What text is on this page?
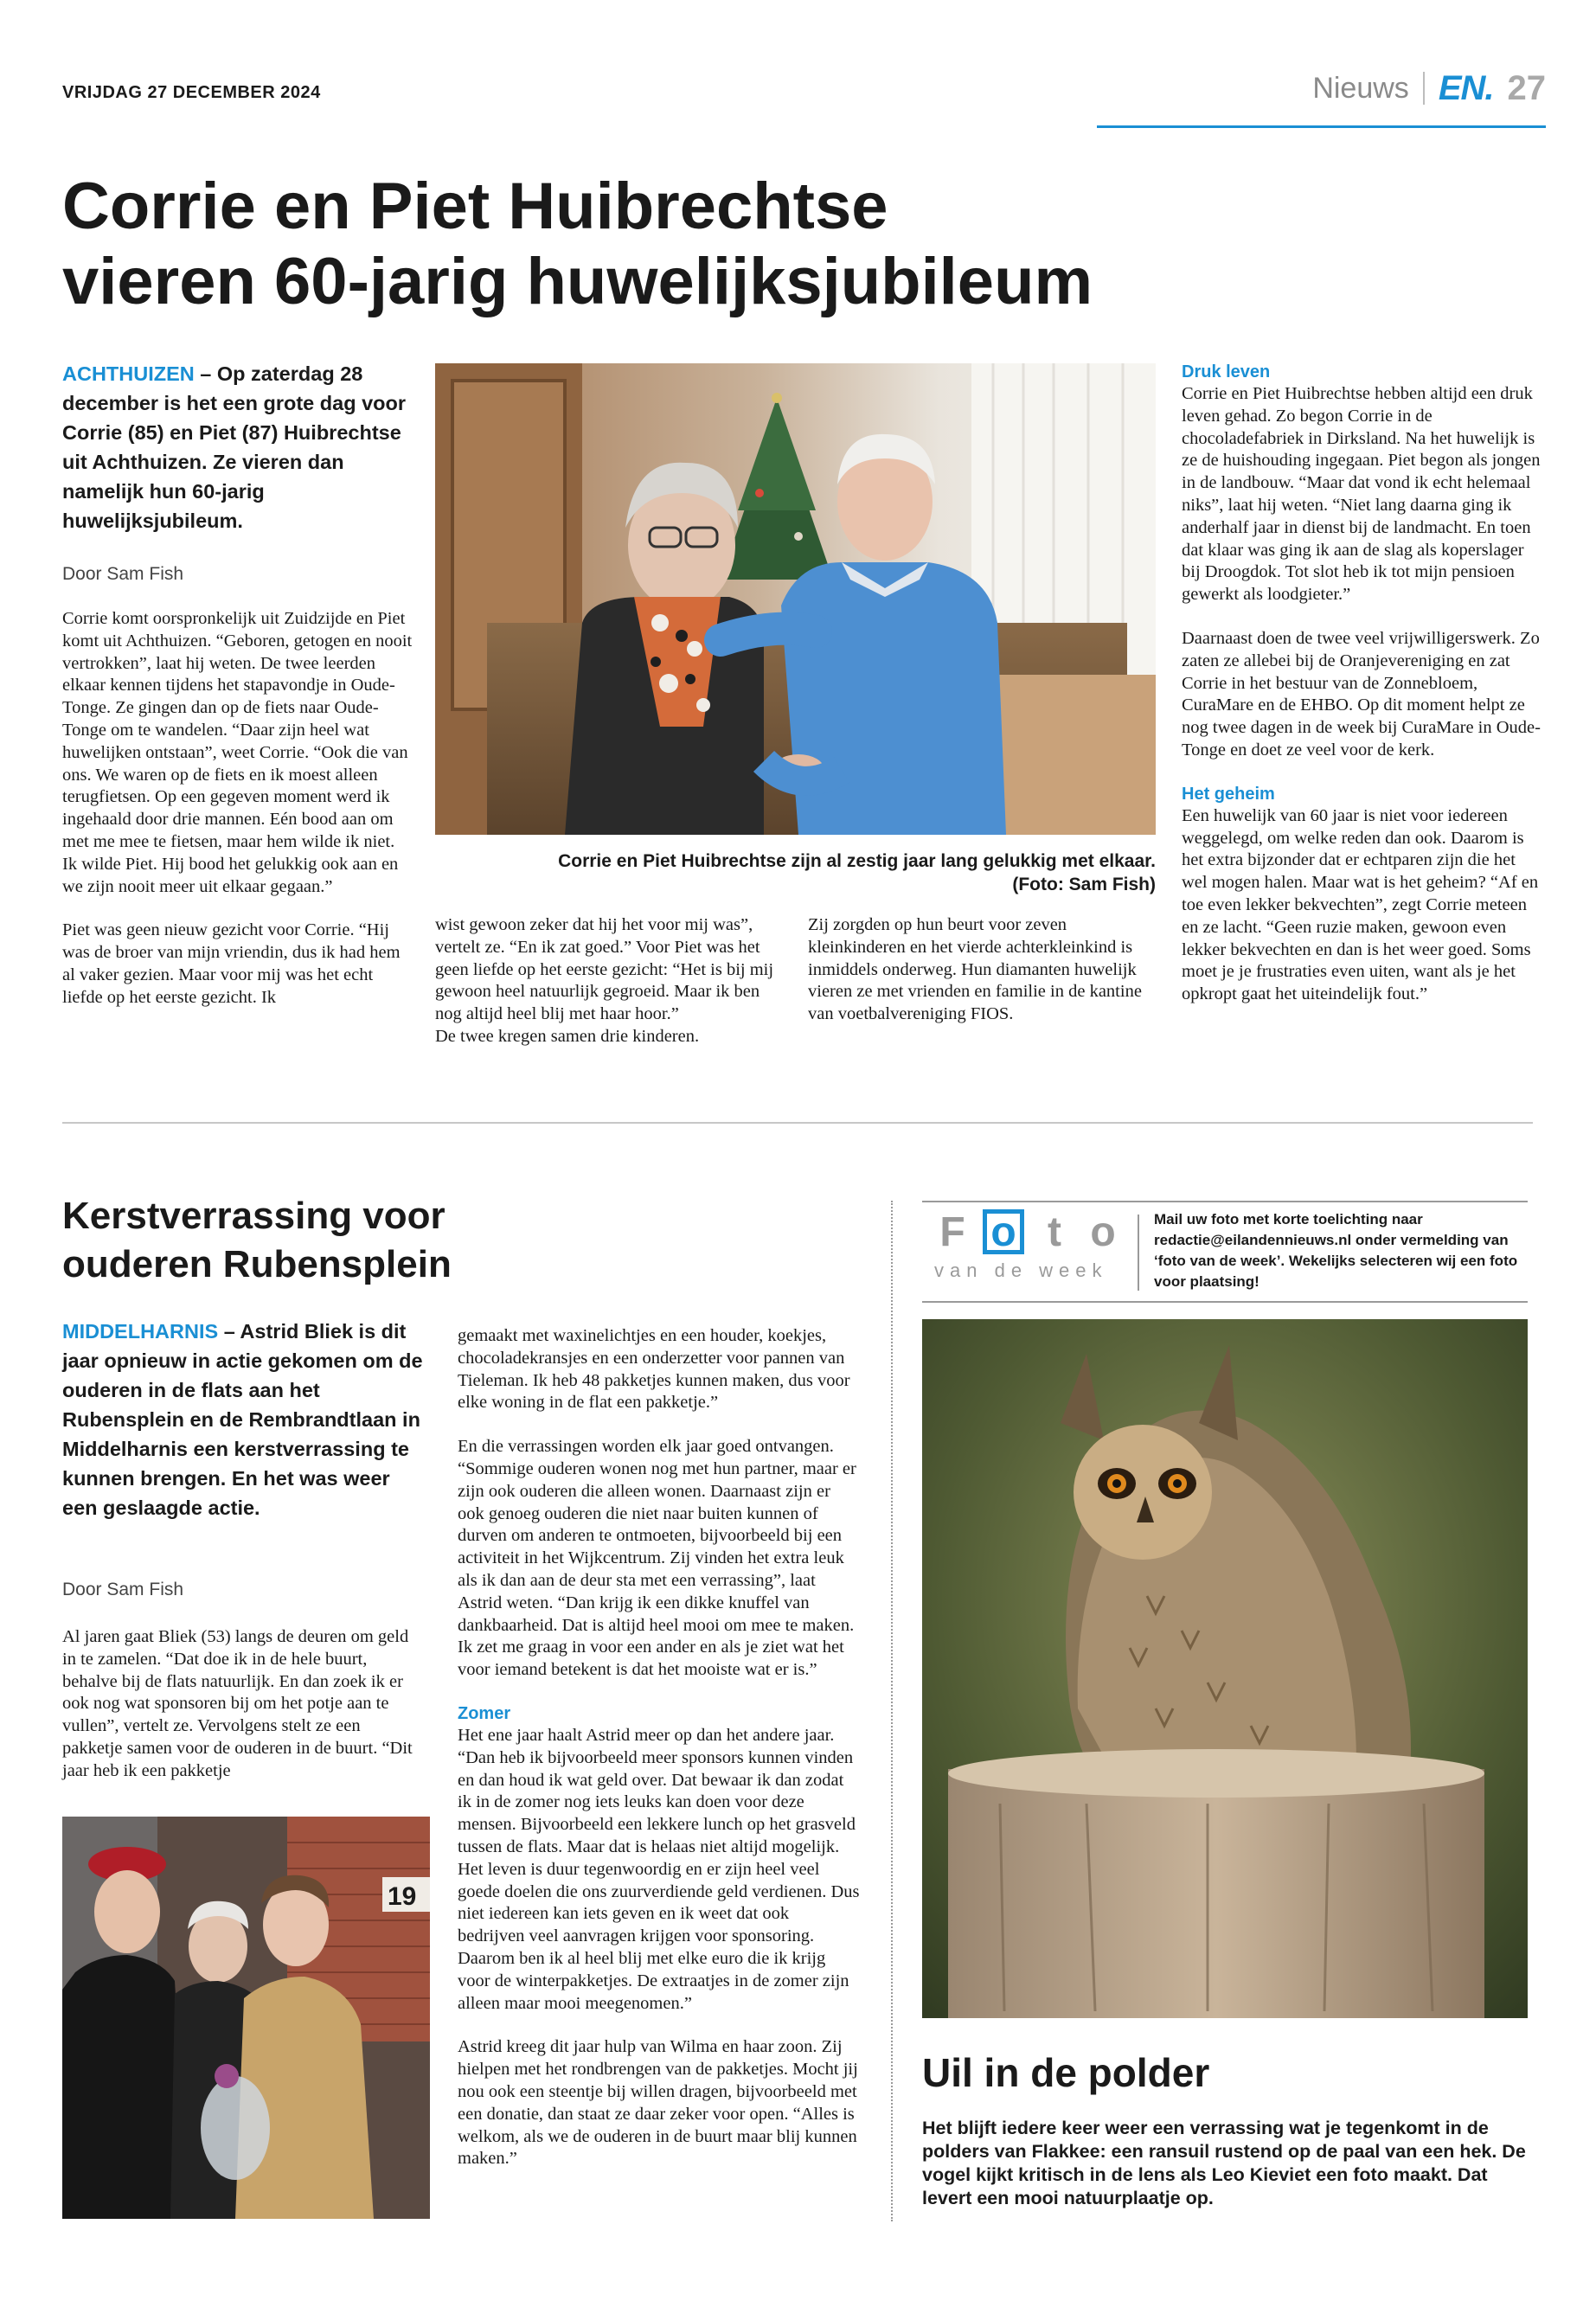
VRIJDAG 27 DECEMBER 2024	Nieuws EN. 27
Corrie en Piet Huibrechtse
vieren 60-jarig huwelijksjubileum
ACHTHUIZEN – Op zaterdag 28 december is het een grote dag voor Corrie (85) en Piet (87) Huibrechtse uit Achthuizen. Ze vieren dan namelijk hun 60-jarig huwelijksjubileum.
Door Sam Fish

Corrie komt oorspronkelijk uit Zuidzijde en Piet komt uit Achthuizen. “Geboren, getogen en nooit vertrokken”, laat hij weten. De twee leerden elkaar kennen tijdens het stapavondje in Oude-Tonge. Ze gingen dan op de fiets naar Oude-Tonge om te wandelen. “Daar zijn heel wat huwelijken ontstaan”, weet Corrie. “Ook die van ons. We waren op de fiets en ik moest alleen terugfietsen. Op een gegeven moment werd ik ingehaald door drie mannen. Eén bood aan om met me mee te fietsen, maar hem wilde ik niet. Ik wilde Piet. Hij bood het gelukkig ook aan en we zijn nooit meer uit elkaar gegaan.”

Piet was geen nieuw gezicht voor Corrie. “Hij was de broer van mijn vriendin, dus ik had hem al vaker gezien. Maar voor mij was het echt liefde op het eerste gezicht. Ik

Corrie en Piet Huibrechtse zijn al zestig jaar lang gelukkig met elkaar.
(Foto: Sam Fish)
wist gewoon zeker dat hij het voor mij was”, vertelt ze. “En ik zat goed.” Voor Piet was het geen liefde op het eerste gezicht: “Het is bij mij gewoon heel natuurlijk gegroeid. Maar ik ben nog altijd heel blij met haar hoor.”
De twee kregen samen drie kinderen.
Zij zorgden op hun beurt voor zeven kleinkinderen en het vierde achterkleinkind is inmiddels onderweg. Hun diamanten huwelijk vieren ze met vrienden en familie in de kantine van voetbalvereniging FIOS.
Druk leven

Corrie en Piet Huibrechtse hebben altijd een druk leven gehad. Zo begon Corrie in de chocoladefabriek in Dirksland. Na het huwelijk is ze de huishouding ingegaan. Piet begon als jongen in de landbouw. “Maar dat vond ik echt helemaal niks”, laat hij weten. “Niet lang daarna ging ik anderhalf jaar in dienst bij de landmacht. En toen dat klaar was ging ik aan de slag als koperslager bij Droogdok. Tot slot heb ik tot mijn pensioen gewerkt als loodgieter.”

Daarnaast doen de twee veel vrijwilligerswerk. Zo zaten ze allebei bij de Oranjevereniging en zat Corrie in het bestuur van de Zonnebloem, CuraMare en de EHBO. Op dit moment helpt ze nog twee dagen in de week bij CuraMare in Oude-Tonge en doet ze veel voor de kerk.

Het geheim

Een huwelijk van 60 jaar is niet voor iedereen weggelegd, om welke reden dan ook. Daarom is het extra bijzonder dat er echtparen zijn die het wel mogen halen. Maar wat is het geheim? “Af en toe even lekker bekvechten”, zegt Corrie meteen en ze lacht. “Geen ruzie maken, gewoon even lekker bekvechten en dan is het weer goed. Soms moet je je frustraties even uiten, want als je het opkropt gaat het uiteindelijk fout.”

Kerstverrassing voor
ouderen Rubensplein
MIDDELHARNIS – Astrid Bliek is dit jaar opnieuw in actie gekomen om de ouderen in de flats aan het Rubensplein en de Rembrandtlaan in Middelharnis een kerstverrassing te kunnen brengen. En het was weer een geslaagde actie.
Door Sam Fish
Al jaren gaat Bliek (53) langs de deuren om geld in te zamelen. “Dat doe ik in de hele buurt, behalve bij de flats natuurlijk. En dan zoek ik er ook nog wat sponsoren bij om het potje aan te vullen”, vertelt ze. Vervolgens stelt ze een pakketje samen voor de ouderen in de buurt. “Dit jaar heb ik een pakketje
19

gemaakt met waxinelichtjes en een houder, koekjes, chocoladekransjes en een onderzetter voor pannen van Tieleman. Ik heb 48 pakketjes kunnen maken, dus voor elke woning in de flat een pakketje.”

En die verrassingen worden elk jaar goed ontvangen. “Sommige ouderen wonen nog met hun partner, maar er zijn ook ouderen die alleen wonen. Daarnaast zijn er ook genoeg ouderen die niet naar buiten kunnen of durven om anderen te ontmoeten, bijvoorbeeld bij een activiteit in het Wijkcentrum. Zij vinden het extra leuk als ik dan aan de deur sta met een verrassing”, laat Astrid weten. “Dan krijg ik een dikke knuffel van dankbaarheid. Dat is altijd heel mooi om mee te maken. Ik zet me graag in voor een ander en als je ziet wat het voor iemand betekent is dat het mooiste wat er is.”

Zomer

Het ene jaar haalt Astrid meer op dan het andere jaar. “Dan heb ik bijvoorbeeld meer sponsors kunnen vinden en dan houd ik wat geld over. Dat bewaar ik dan zodat ik in de zomer nog iets leuks kan doen voor deze mensen. Bijvoorbeeld een lekkere lunch op het grasveld tussen de flats. Maar dat is helaas niet altijd mogelijk. Het leven is duur tegenwoordig en er zijn heel veel goede doelen die ons zuurverdiende geld verdienen. Dus niet iedereen kan iets geven en ik weet dat ook bedrijven veel aanvragen krijgen voor sponsoring. Daarom ben ik al heel blij met elke euro die ik krijg voor de winterpakketjes. De extraatjes in de zomer zijn alleen maar mooi meegenomen.”

Astrid kreeg dit jaar hulp van Wilma en haar zoon. Zij hielpen met het rondbrengen van de pakketjes. Mocht jij nou ook een steentje bij willen dragen, bijvoorbeeld met een donatie, dan staat ze daar zeker voor open. “Alles is welkom, als we de ouderen in de buurt maar blij kunnen maken.”

F o t o
van de week
Mail uw foto met korte toelichting naar redactie@eilandennieuws.nl onder vermelding van ‘foto van de week’. Wekelijks selecteren wij een foto voor plaatsing!
Uil in de polder
Het blijft iedere keer weer een verrassing wat je tegenkomt in de polders van Flakkee: een ransuil rustend op de paal van een hek. De vogel kijkt kritisch in de lens als Leo Kieviet een foto maakt. Dat levert een mooi natuurplaatje op.
